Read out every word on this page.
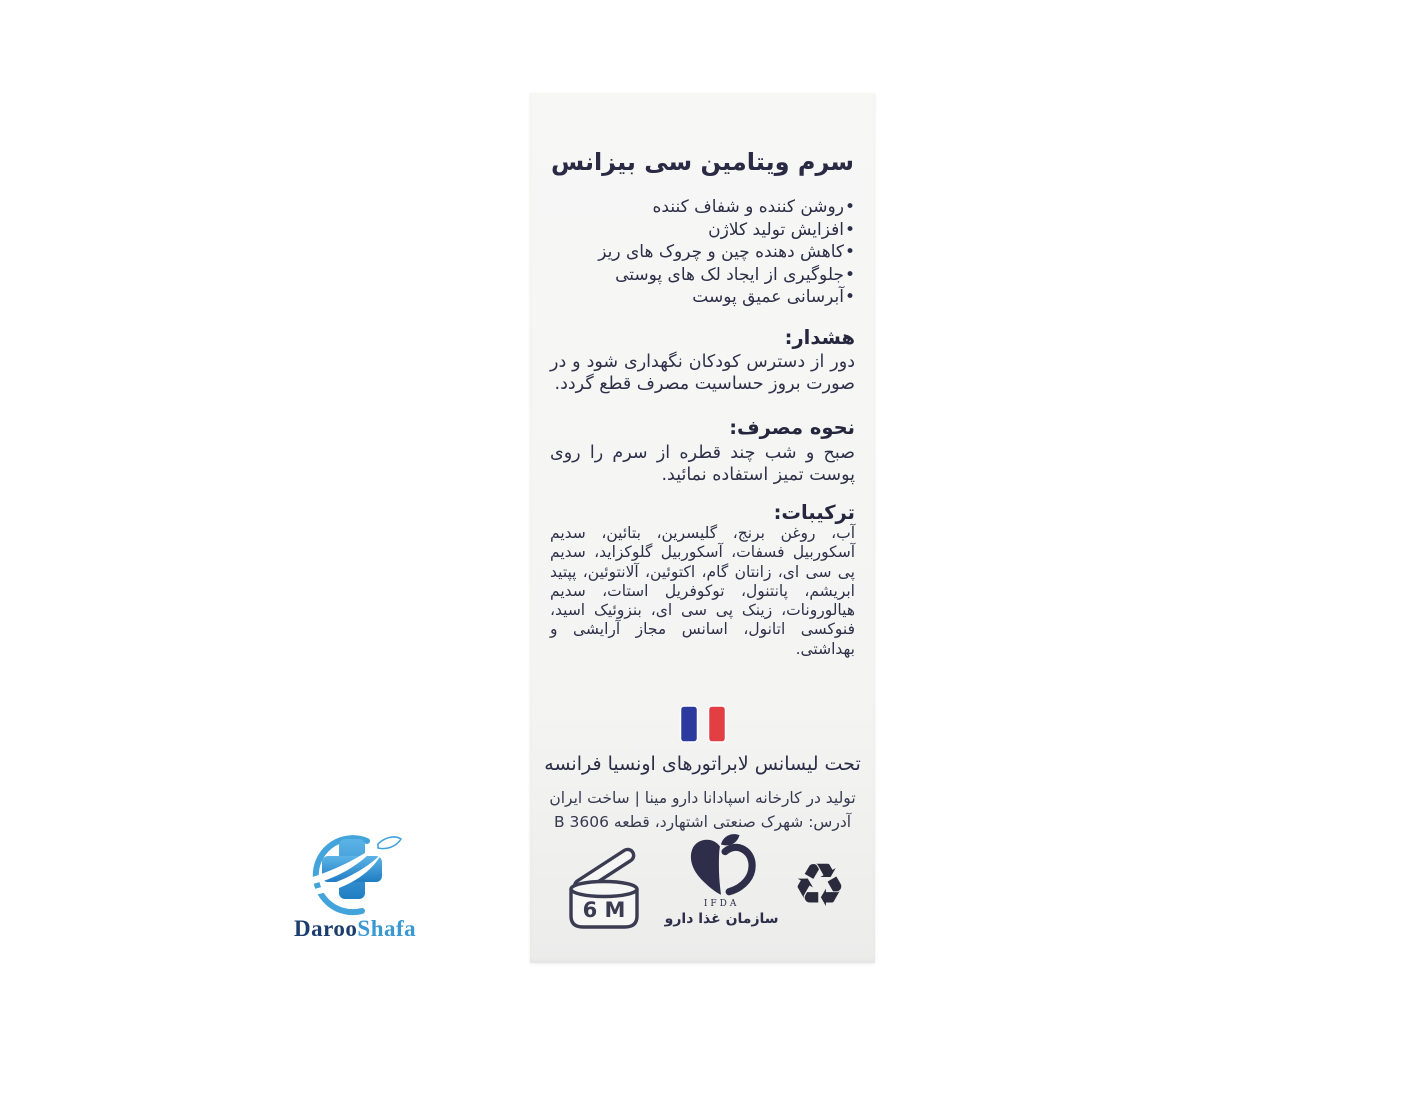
سرم ویتامین سی بیزانس
•روشن کننده و شفاف کننده
•افزایش تولید کلاژن
•کاهش دهنده چین و چروک های ریز
•جلوگیری از ایجاد لک های پوستی
•آبرسانی عمیق پوست
هشدار:
دور از دسترس کودکان نگهداری شود و در صورت بروز حساسیت مصرف قطع گردد.
نحوه مصرف:
صبح و شب چند قطره از سرم را روی پوست تمیز استفاده نمائید.
ترکیبات:
آب، روغن برنج، گلیسرین، بتائین، سدیم آسکوربیل فسفات، آسکوربیل گلوکزاید، سدیم پی سی ای، زانتان گام، اکتوئین، آلانتوئین، پپتید ابریشم، پانتنول، توکوفریل استات، سدیم هیالورونات، زینک پی سی ای، بنزوئیک اسید، فنوکسی اتانول، اسانس مجاز آرایشی و بهداشتی.
تحت لیسانس لابراتورهای اونسیا فرانسه
تولید در کارخانه اسپادانا دارو مینا | ساخت ایران
آدرس: شهرک صنعتی اشتهارد، قطعه 3606 B
6 M	IFDA
سازمان غذا دارو ♻
DarooShafa
